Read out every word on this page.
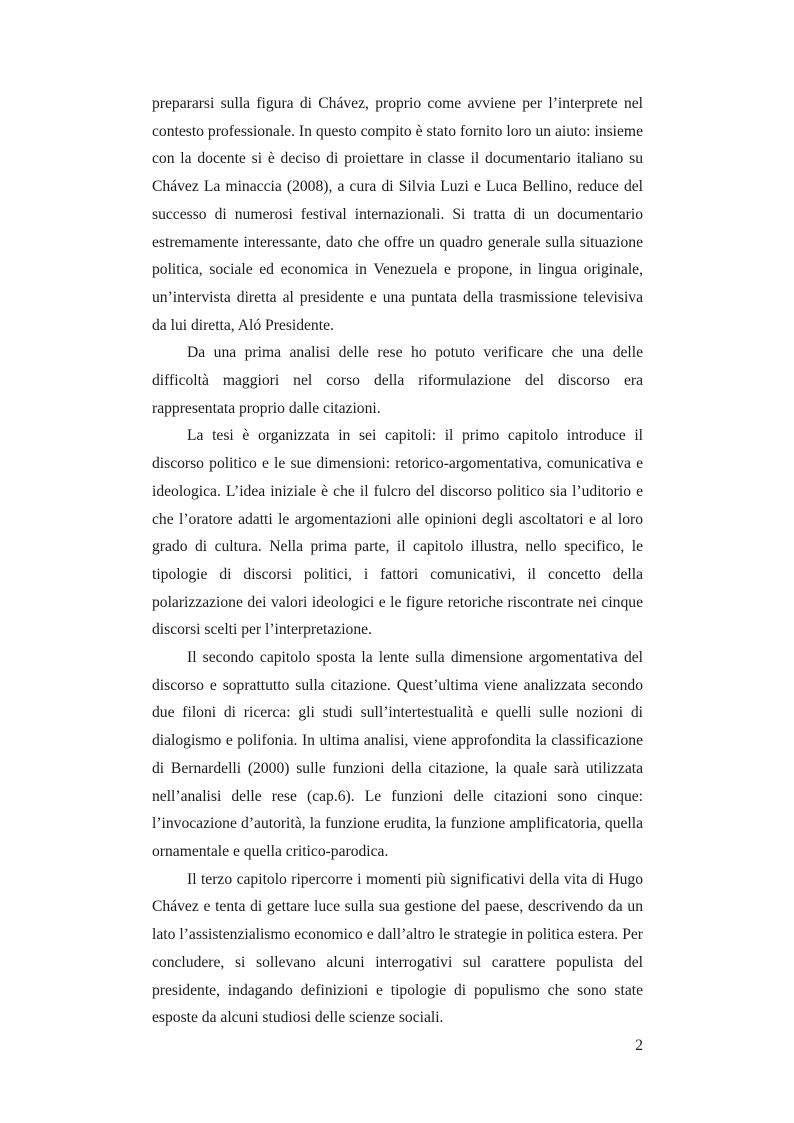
prepararsi sulla figura di Chávez, proprio come avviene per l’interprete nel contesto professionale. In questo compito è stato fornito loro un aiuto: insieme con la docente si è deciso di proiettare in classe il documentario italiano su Chávez La minaccia (2008), a cura di Silvia Luzi e Luca Bellino, reduce del successo di numerosi festival internazionali. Si tratta di un documentario estremamente interessante, dato che offre un quadro generale sulla situazione politica, sociale ed economica in Venezuela e propone, in lingua originale, un’intervista diretta al presidente e una puntata della trasmissione televisiva da lui diretta, Aló Presidente.

Da una prima analisi delle rese ho potuto verificare che una delle difficoltà maggiori nel corso della riformulazione del discorso era rappresentata proprio dalle citazioni.

La tesi è organizzata in sei capitoli: il primo capitolo introduce il discorso politico e le sue dimensioni: retorico-argomentativa, comunicativa e ideologica. L’idea iniziale è che il fulcro del discorso politico sia l’uditorio e che l’oratore adatti le argomentazioni alle opinioni degli ascoltatori e al loro grado di cultura. Nella prima parte, il capitolo illustra, nello specifico, le tipologie di discorsi politici, i fattori comunicativi, il concetto della polarizzazione dei valori ideologici e le figure retoriche riscontrate nei cinque discorsi scelti per l’interpretazione.

Il secondo capitolo sposta la lente sulla dimensione argomentativa del discorso e soprattutto sulla citazione. Quest’ultima viene analizzata secondo due filoni di ricerca: gli studi sull’intertestualità e quelli sulle nozioni di dialogismo e polifonia. In ultima analisi, viene approfondita la classificazione di Bernardelli (2000) sulle funzioni della citazione, la quale sarà utilizzata nell’analisi delle rese (cap.6). Le funzioni delle citazioni sono cinque: l’invocazione d’autorità, la funzione erudita, la funzione amplificatoria, quella ornamentale e quella critico-parodica.

Il terzo capitolo ripercorre i momenti più significativi della vita di Hugo Chávez e tenta di gettare luce sulla sua gestione del paese, descrivendo da un lato l’assistenzialismo economico e dall’altro le strategie in politica estera. Per concludere, si sollevano alcuni interrogativi sul carattere populista del presidente, indagando definizioni e tipologie di populismo che sono state esposte da alcuni studiosi delle scienze sociali.

2
